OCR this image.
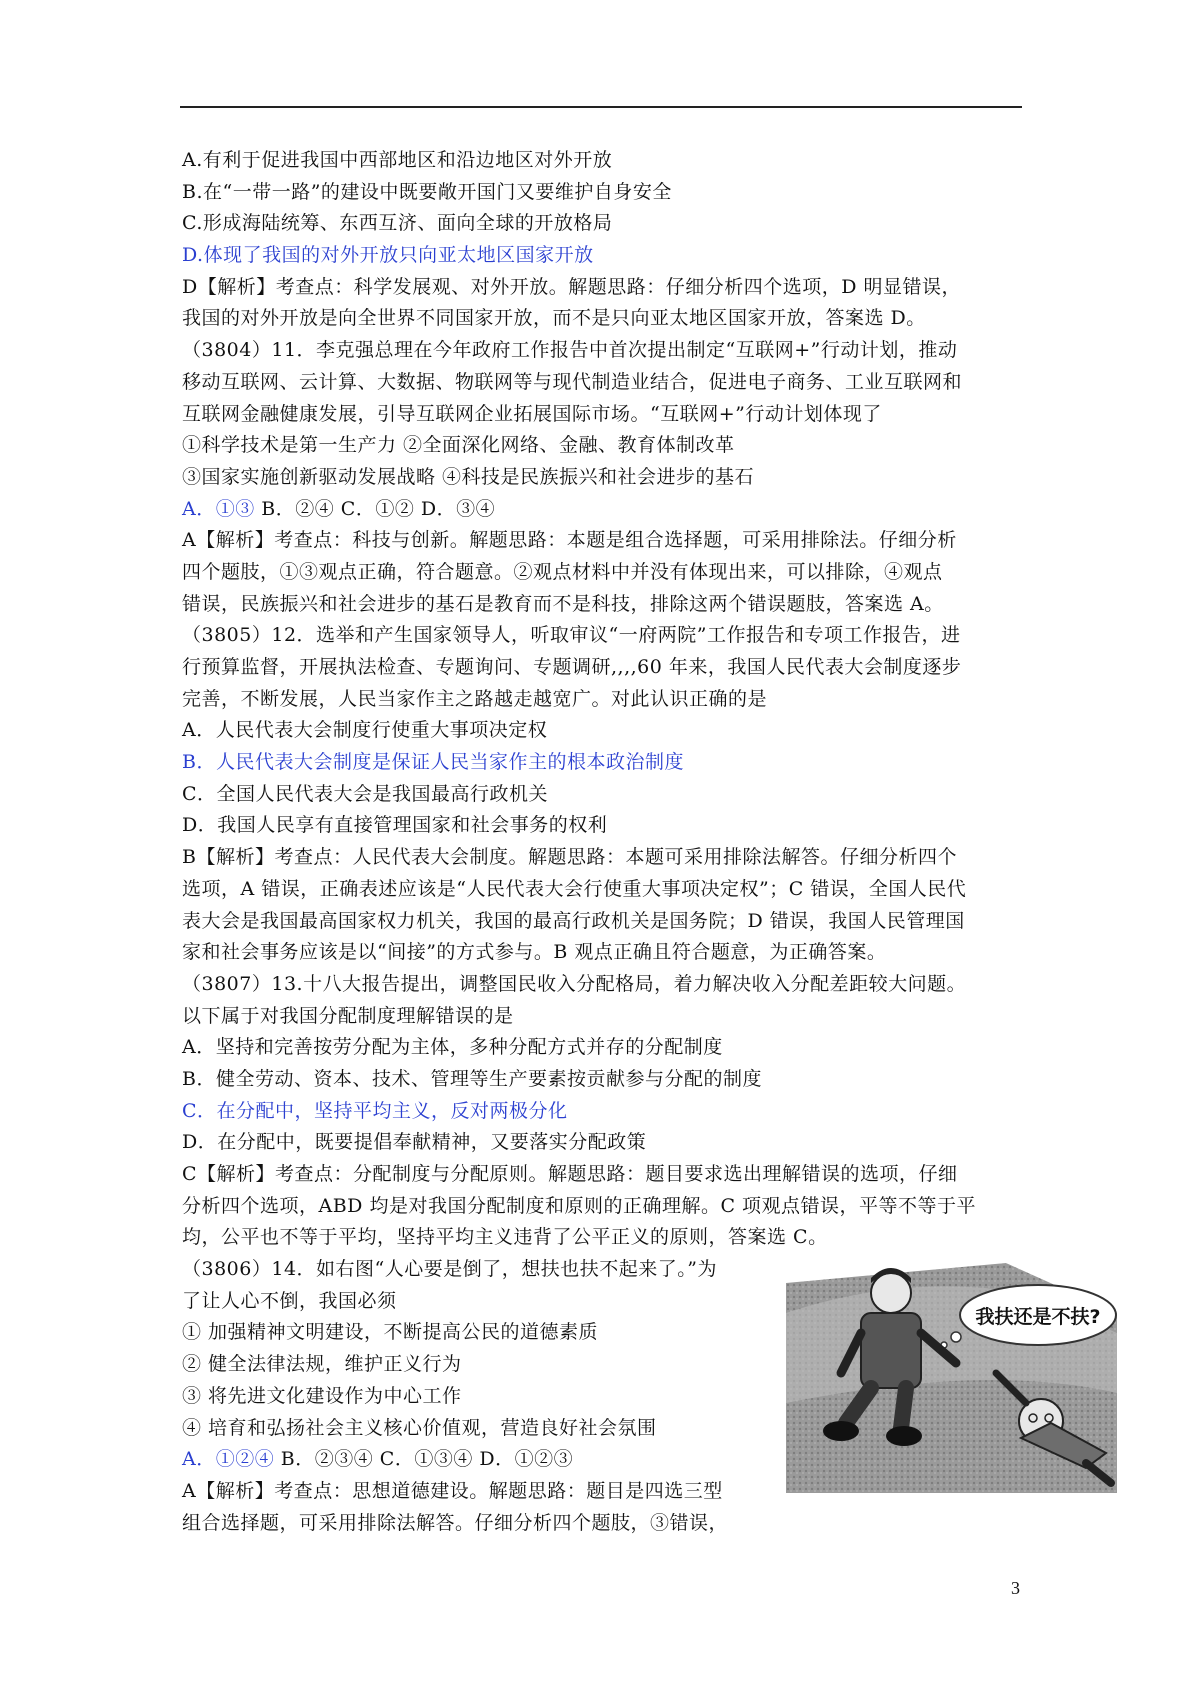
A.有利于促进我国中西部地区和沿边地区对外开放
B.在“一带一路”的建设中既要敞开国门又要维护自身安全
C.形成海陆统筹、东西互济、面向全球的开放格局
D.体现了我国的对外开放只向亚太地区国家开放
D【解析】考查点：科学发展观、对外开放。解题思路：仔细分析四个选项，D 明显错误，
我国的对外开放是向全世界不同国家开放，而不是只向亚太地区国家开放，答案选 D。
（3804）11．李克强总理在今年政府工作报告中首次提出制定“互联网+”行动计划，推动
移动互联网、云计算、大数据、物联网等与现代制造业结合，促进电子商务、工业互联网和
互联网金融健康发展，引导互联网企业拓展国际市场。“互联网+”行动计划体现了
①科学技术是第一生产力 ②全面深化网络、金融、教育体制改革
③国家实施创新驱动发展战略 ④科技是民族振兴和社会进步的基石
A．①③ B．②④ C．①② D．③④
A【解析】考查点：科技与创新。解题思路：本题是组合选择题，可采用排除法。仔细分析
四个题肢，①③观点正确，符合题意。②观点材料中并没有体现出来，可以排除，④观点
错误，民族振兴和社会进步的基石是教育而不是科技，排除这两个错误题肢，答案选 A。
（3805）12．选举和产生国家领导人，听取审议“一府两院”工作报告和专项工作报告，进
行预算监督，开展执法检查、专题询问、专题调研,,,,60 年来，我国人民代表大会制度逐步
完善，不断发展，人民当家作主之路越走越宽广。对此认识正确的是
A．人民代表大会制度行使重大事项决定权
B．人民代表大会制度是保证人民当家作主的根本政治制度
C．全国人民代表大会是我国最高行政机关
D．我国人民享有直接管理国家和社会事务的权利
B【解析】考查点：人民代表大会制度。解题思路：本题可采用排除法解答。仔细分析四个
选项，A 错误，正确表述应该是“人民代表大会行使重大事项决定权”；C 错误，全国人民代
表大会是我国最高国家权力机关，我国的最高行政机关是国务院；D 错误，我国人民管理国
家和社会事务应该是以“间接”的方式参与。B 观点正确且符合题意，为正确答案。
（3807）13.十八大报告提出，调整国民收入分配格局，着力解决收入分配差距较大问题。
以下属于对我国分配制度理解错误的是
A．坚持和完善按劳分配为主体，多种分配方式并存的分配制度
B．健全劳动、资本、技术、管理等生产要素按贡献参与分配的制度
C．在分配中，坚持平均主义，反对两极分化
D．在分配中，既要提倡奉献精神，又要落实分配政策
C【解析】考查点：分配制度与分配原则。解题思路：题目要求选出理解错误的选项，仔细
分析四个选项，ABD 均是对我国分配制度和原则的正确理解。C 项观点错误，平等不等于平
均，公平也不等于平均，坚持平均主义违背了公平正义的原则，答案选 C。
（3806）14．如右图“人心要是倒了，想扶也扶不起来了。”为
了让人心不倒，我国必须
① 加强精神文明建设，不断提高公民的道德素质
② 健全法律法规，维护正义行为
③ 将先进文化建设作为中心工作
④ 培育和弘扬社会主义核心价值观，营造良好社会氛围
A．①②④ B．②③④ C．①③④ D．①②③
A【解析】考查点：思想道德建设。解题思路：题目是四选三型
组合选择题，可采用排除法解答。仔细分析四个题肢，③错误，
我扶还是不扶?
3
